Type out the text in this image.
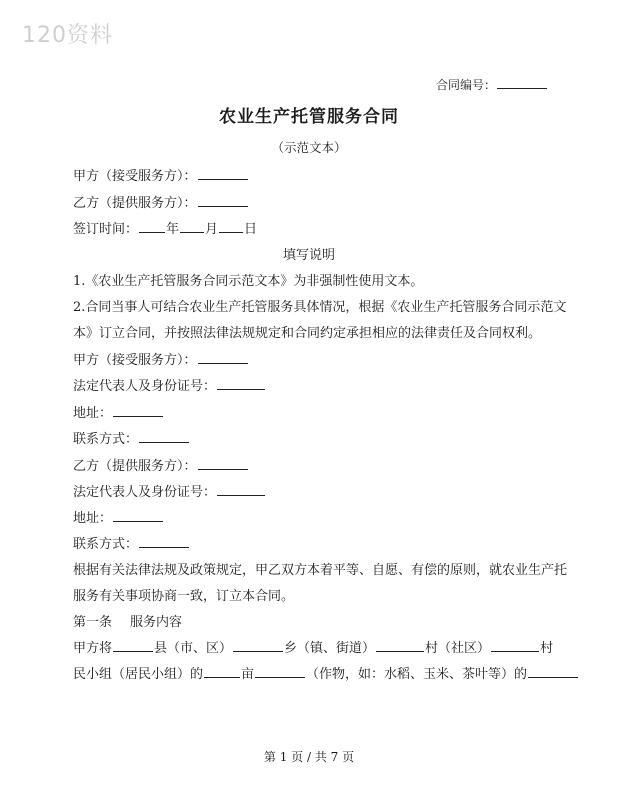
120资料
合同编号：
农业生产托管服务合同
（示范文本）
甲方（接受服务方）：
乙方（提供服务方）：
签订时间： 年 月 日
填写说明
1.《农业生产托管服务合同示范文本》为非强制性使用文本。
2.合同当事人可结合农业生产托管服务具体情况，根据《农业生产托管服务合同示范文
本》订立合同，并按照法律法规规定和合同约定承担相应的法律责任及合同权利。
甲方（接受服务方）：
法定代表人及身份证号：
地址：
联系方式：
乙方（提供服务方）：
法定代表人及身份证号：
地址：
联系方式：
根据有关法律法规及政策规定，甲乙双方本着平等、自愿、有偿的原则，就农业生产托
服务有关事项协商一致，订立本合同。
第一条 服务内容
甲方将	县（市、区）	乡（镇、街道）	村（社区）	村
民小组（居民小组）的	亩	（作物，如：水稻、玉米、茶叶等）的
第 1 页 / 共 7 页
